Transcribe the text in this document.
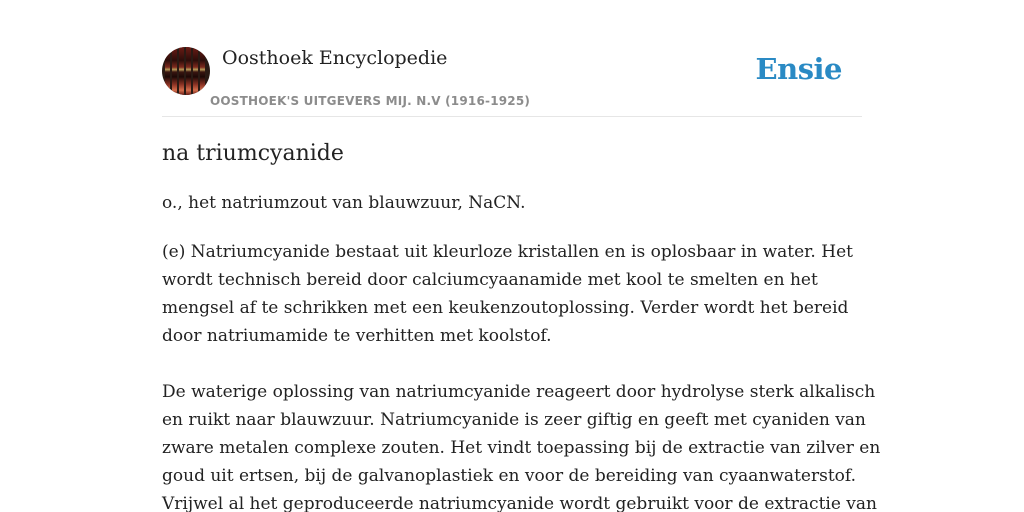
Oosthoek Encyclopedie
OOSTHOEK'S UITGEVERS MIJ. N.V (1916-1925)
Ensie
na triumcyanide

o., het natriumzout van blauwzuur, NaCN.

(e) Natriumcyanide bestaat uit kleurloze kristallen en is oplosbaar in water. Het
wordt technisch bereid door calciumcyaanamide met kool te smelten en het
mengsel af te schrikken met een keukenzoutoplossing. Verder wordt het bereid
door natriumamide te verhitten met koolstof.

De waterige oplossing van natriumcyanide reageert door hydrolyse sterk alkalisch
en ruikt naar blauwzuur. Natriumcyanide is zeer giftig en geeft met cyaniden van
zware metalen complexe zouten. Het vindt toepassing bij de extractie van zilver en
goud uit ertsen, bij de galvanoplastiek en voor de bereiding van cyaanwaterstof.
Vrijwel al het geproduceerde natriumcyanide wordt gebruikt voor de extractie van
